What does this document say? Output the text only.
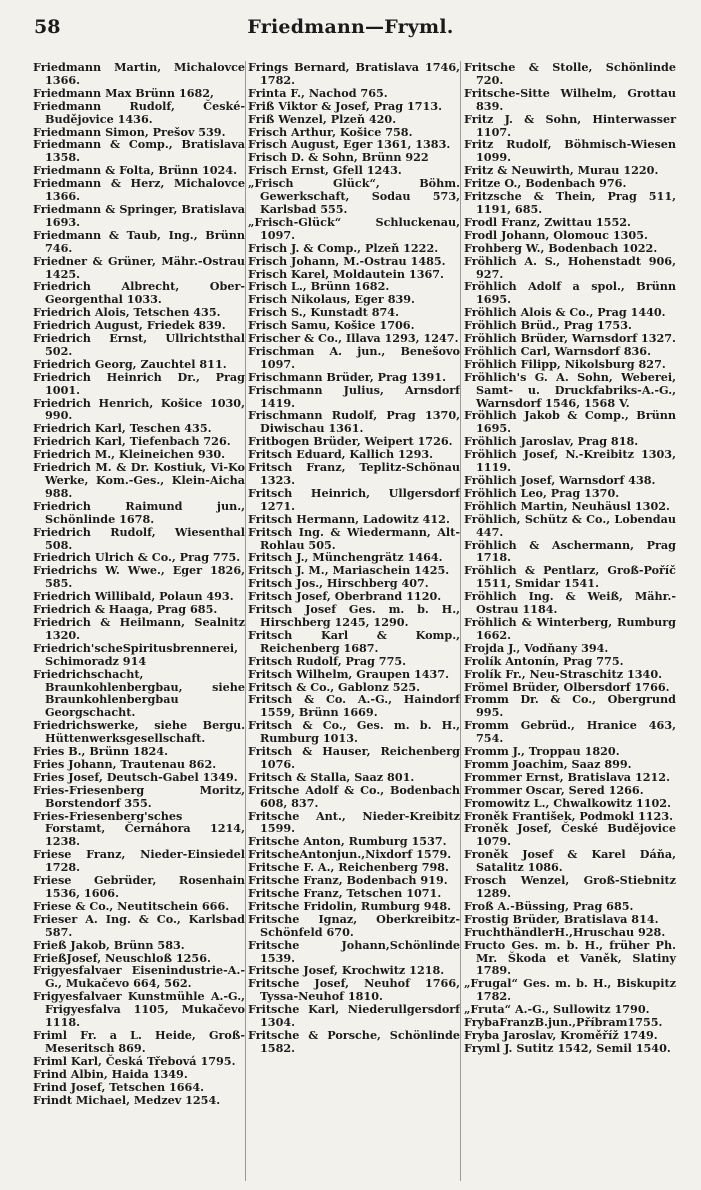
58	Friedmann—Fryml.

Friedmann Martin, Michalovce 1366.

Friedmann Max Brünn 1682,

Friedmann Rudolf, České-Budějovice 1436.

Friedmann Simon, Prešov 539.

Friedmann & Comp., Bratislava 1358.

Friedmann & Folta, Brünn 1024.

Friedmann & Herz, Michalovce 1366.

Friedmann & Springer, Bratislava 1693.

Friedmann & Taub, Ing., Brünn 746.

Friedner & Grüner, Mähr.-Ostrau 1425.

Friedrich Albrecht, Ober-Georgenthal 1033.

Friedrich Alois, Tetschen 435.

Friedrich August, Friedek 839.

Friedrich Ernst, Ullrichtsthal 502.

Friedrich Georg, Zauchtel 811.

Friedrich Heinrich Dr., Prag 1001.

Friedrich Henrich, Košice 1030, 990.

Friedrich Karl, Teschen 435.

Friedrich Karl, Tiefenbach 726.

Friedrich M., Kleineichen 930.

Friedrich M. & Dr. Kostiuk, Vi-Ko Werke, Kom.-Ges., Klein-Aicha 988.

Friedrich Raimund jun., Schönlinde 1678.

Friedrich Rudolf, Wiesenthal 508.

Friedrich Ulrich & Co., Prag 775.

Friedrichs W. Wwe., Eger 1826, 585.

Friedrich Willibald, Polaun 493.

Friedrich & Haaga, Prag 685.

Friedrich & Heilmann, Sealnitz 1320.

Friedrich'scheSpiritusbrennerei, Schimoradz 914

Friedrichschacht, Braunkohlenbergbau, siehe Braunkohlenbergbau Georgschacht.

Friedrichswerke, siehe Bergu. Hüttenwerksgesellschaft.

Fries B., Brünn 1824.

Fries Johann, Trautenau 862.

Fries Josef, Deutsch-Gabel 1349.

Fries-Friesenberg Moritz, Borstendorf 355.

Fries-Friesenberg'sches Forstamt, Černáhora 1214, 1238.

Friese Franz, Nieder-Einsiedel 1728.

Friese Gebrüder, Rosenhain 1536, 1606.

Friese & Co., Neutitschein 666.

Frieser A. Ing. & Co., Karlsbad 587.

Frieß Jakob, Brünn 583.

FrießJosef, Neuschloß 1256.

Frigyesfalvaer Eisenindustrie-A.-G., Mukačevo 664, 562.

Frigyesfalvaer Kunstmühle A.-G., Frigyesfalva 1105, Mukačevo 1118.

Friml Fr. a L. Heide, Groß-Meseritsch 869.

Friml Karl, Česká Třebová 1795.

Frind Albin, Haida 1349.

Frind Josef, Tetschen 1664.

Frindt Michael, Medzev 1254.

Frings Bernard, Bratislava 1746, 1782.

Frinta F., Nachod 765.

Friß Viktor & Josef, Prag 1713.

Friß Wenzel, Plzeň 420.

Frisch Arthur, Košice 758.

Frisch August, Eger 1361, 1383.

Frisch D. & Sohn, Brünn 922

Frisch Ernst, Gfell 1243.

„Frisch Glück“, Böhm. Gewerkschaft, Sodau 573, Karlsbad 555.

„Frisch-Glück“ Schluckenau, 1097.

Frisch J. & Comp., Plzeň 1222.

Frisch Johann, M.-Ostrau 1485.

Frisch Karel, Moldautein 1367.

Frisch L., Brünn 1682.

Frisch Nikolaus, Eger 839.

Frisch S., Kunstadt 874.

Frisch Samu, Košice 1706.

Frischer & Co., Illava 1293, 1247.

Frischman A. jun., Benešovo 1097.

Frischmann Brüder, Prag 1391.

Frischmann Julius, Arnsdorf 1419.

Frischmann Rudolf, Prag 1370, Diwischau 1361.

Fritbogen Brüder, Weipert 1726.

Fritsch Eduard, Kallich 1293.

Fritsch Franz, Teplitz-Schönau 1323.

Fritsch Heinrich, Ullgersdorf 1271.

Fritsch Hermann, Ladowitz 412.

Fritsch Ing. & Wiedermann, Alt-Rohlau 505.

Fritsch J., Münchengrätz 1464.

Fritsch J. M., Mariaschein 1425.

Fritsch Jos., Hirschberg 407.

Fritsch Josef, Oberbrand 1120.

Fritsch Josef Ges. m. b. H., Hirschberg 1245, 1290.

Fritsch Karl & Komp., Reichenberg 1687.

Fritsch Rudolf, Prag 775.

Fritsch Wilhelm, Graupen 1437.

Fritsch & Co., Gablonz 525.

Fritsch & Co. A.-G., Haindorf 1559, Brünn 1669.

Fritsch & Co., Ges. m. b. H., Rumburg 1013.

Fritsch & Hauser, Reichenberg 1076.

Fritsch & Stalla, Saaz 801.

Fritsche Adolf & Co., Bodenbach 608, 837.

Fritsche Ant., Nieder-Kreibitz 1599.

Fritsche Anton, Rumburg 1537.

FritscheAntonjun.,Nixdorf 1579.

Fritsche F. A., Reichenberg 798.

Fritsche Franz, Bodenbach 919.

Fritsche Franz, Tetschen 1071.

Fritsche Fridolin, Rumburg 948.

Fritsche Ignaz, Oberkreibitz-Schönfeld 670.

Fritsche Johann,Schönlinde 1539.

Fritsche Josef, Krochwitz 1218.

Fritsche Josef, Neuhof 1766, Tyssa-Neuhof 1810.

Fritsche Karl, Niederullgersdorf 1304.

Fritsche & Porsche, Schönlinde 1582.

Fritsche & Stolle, Schönlinde 720.

Fritsche-Sitte Wilhelm, Grottau 839.

Fritz J. & Sohn, Hinterwasser 1107.

Fritz Rudolf, Böhmisch-Wiesen 1099.

Fritz & Neuwirth, Murau 1220.

Fritze O., Bodenbach 976.

Fritzsche & Thein, Prag 511, 1191, 685.

Frodl Franz, Zwittau 1552.

Frodl Johann, Olomouc 1305.

Frohberg W., Bodenbach 1022.

Fröhlich A. S., Hohenstadt 906, 927.

Fröhlich Adolf a spol., Brünn 1695.

Fröhlich Alois & Co., Prag 1440.

Fröhlich Brüd., Prag 1753.

Fröhlich Brüder, Warnsdorf 1327.

Fröhlich Carl, Warnsdorf 836.

Fröhlich Filipp, Nikolsburg 827.

Fröhlich's G. A. Sohn, Weberei, Samt- u. Druckfabriks-A.-G., Warnsdorf 1546, 1568 V.

Fröhlich Jakob & Comp., Brünn 1695.

Fröhlich Jaroslav, Prag 818.

Fröhlich Josef, N.-Kreibitz 1303, 1119.

Fröhlich Josef, Warnsdorf 438.

Fröhlich Leo, Prag 1370.

Fröhlich Martin, Neuhäusl 1302.

Fröhlich, Schütz & Co., Lobendau 447.

Fröhlich & Aschermann, Prag 1718.

Fröhlich & Pentlarz, Groß-Poříč 1511, Smidar 1541.

Fröhlich Ing. & Weiß, Mähr.-Ostrau 1184.

Fröhlich & Winterberg, Rumburg 1662.

Frojda J., Vodňany 394.

Frolík Antonín, Prag 775.

Frolík Fr., Neu-Straschitz 1340.

Frömel Brüder, Olbersdorf 1766.

Fromm Dr. & Co., Obergrund 995.

Fromm Gebrüd., Hranice 463, 754.

Fromm J., Troppau 1820.

Fromm Joachim, Saaz 899.

Frommer Ernst, Bratislava 1212.

Frommer Oscar, Sered 1266.

Fromowitz L., Chwalkowitz 1102.

Froněk František, Podmokl 1123.

Froněk Josef, České Budějovice 1079.

Froněk Josef & Karel Dáňa, Satalitz 1086.

Frosch Wenzel, Groß-Stiebnitz 1289.

Froß A.-Büssing, Prag 685.

Frostig Brüder, Bratislava 814.

FruchthändlerH.,Hruschau 928.

Fructo Ges. m. b. H., früher Ph. Mr. Škoda et Vaněk, Slatiny 1789.

„Frugal“ Ges. m. b. H., Biskupitz 1782.

„Fruta“ A.-G., Sullowitz 1790.

FrybaFranzB.jun.,Příbram1755.

Fryba Jaroslav, Kroměříž 1749.

Fryml J. Sutitz 1542, Semil 1540.
